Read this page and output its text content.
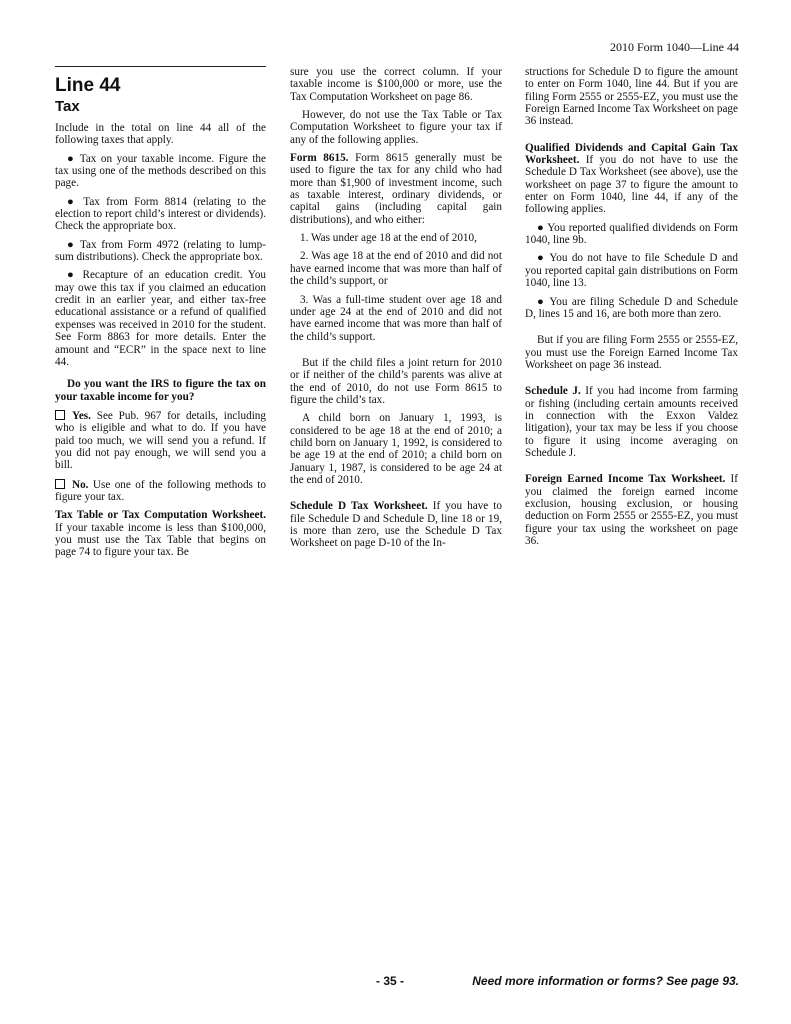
2010 Form 1040—Line 44
Line 44
Tax

Include in the total on line 44 all of the following taxes that apply.

● Tax on your taxable income. Figure the tax using one of the methods described on this page.

● Tax from Form 8814 (relating to the election to report child’s interest or dividends). Check the appropriate box.

● Tax from Form 4972 (relating to lump-sum distributions). Check the appropriate box.

● Recapture of an education credit. You may owe this tax if you claimed an education credit in an earlier year, and either tax-free educational assistance or a refund of qualified expenses was received in 2010 for the student. See Form 8863 for more details. Enter the amount and “ECR” in the space next to line 44.

Do you want the IRS to figure the tax on your taxable income for you?

Yes. See Pub. 967 for details, including who is eligible and what to do. If you have paid too much, we will send you a refund. If you did not pay enough, we will send you a bill.

No. Use one of the following methods to figure your tax.

Tax Table or Tax Computation Worksheet. If your taxable income is less than $100,000, you must use the Tax Table that begins on page 74 to figure your tax. Be

sure you use the correct column. If your taxable income is $100,000 or more, use the Tax Computation Worksheet on page 86.

However, do not use the Tax Table or Tax Computation Worksheet to figure your tax if any of the following applies.

Form 8615. Form 8615 generally must be used to figure the tax for any child who had more than $1,900 of investment income, such as taxable interest, ordinary dividends, or capital gains (including capital gain distributions), and who either:

1. Was under age 18 at the end of 2010,

2. Was age 18 at the end of 2010 and did not have earned income that was more than half of the child’s support, or

3. Was a full-time student over age 18 and under age 24 at the end of 2010 and did not have earned income that was more than half of the child’s support.

But if the child files a joint return for 2010 or if neither of the child’s parents was alive at the end of 2010, do not use Form 8615 to figure the child’s tax.

A child born on January 1, 1993, is considered to be age 18 at the end of 2010; a child born on January 1, 1992, is considered to be age 19 at the end of 2010; a child born on January 1, 1987, is considered to be age 24 at the end of 2010.

Schedule D Tax Worksheet. If you have to file Schedule D and Schedule D, line 18 or 19, is more than zero, use the Schedule D Tax Worksheet on page D-10 of the In-

structions for Schedule D to figure the amount to enter on Form 1040, line 44. But if you are filing Form 2555 or 2555-EZ, you must use the Foreign Earned Income Tax Worksheet on page 36 instead.

Qualified Dividends and Capital Gain Tax Worksheet. If you do not have to use the Schedule D Tax Worksheet (see above), use the worksheet on page 37 to figure the amount to enter on Form 1040, line 44, if any of the following applies.

● You reported qualified dividends on Form 1040, line 9b.

● You do not have to file Schedule D and you reported capital gain distributions on Form 1040, line 13.

● You are filing Schedule D and Schedule D, lines 15 and 16, are both more than zero.

But if you are filing Form 2555 or 2555-EZ, you must use the Foreign Earned Income Tax Worksheet on page 36 instead.

Schedule J. If you had income from farming or fishing (including certain amounts received in connection with the Exxon Valdez litigation), your tax may be less if you choose to figure it using income averaging on Schedule J.

Foreign Earned Income Tax Worksheet. If you claimed the foreign earned income exclusion, housing exclusion, or housing deduction on Form 2555 or 2555-EZ, you must figure your tax using the worksheet on page 36.

- 35 -	Need more information or forms? See page 93.
